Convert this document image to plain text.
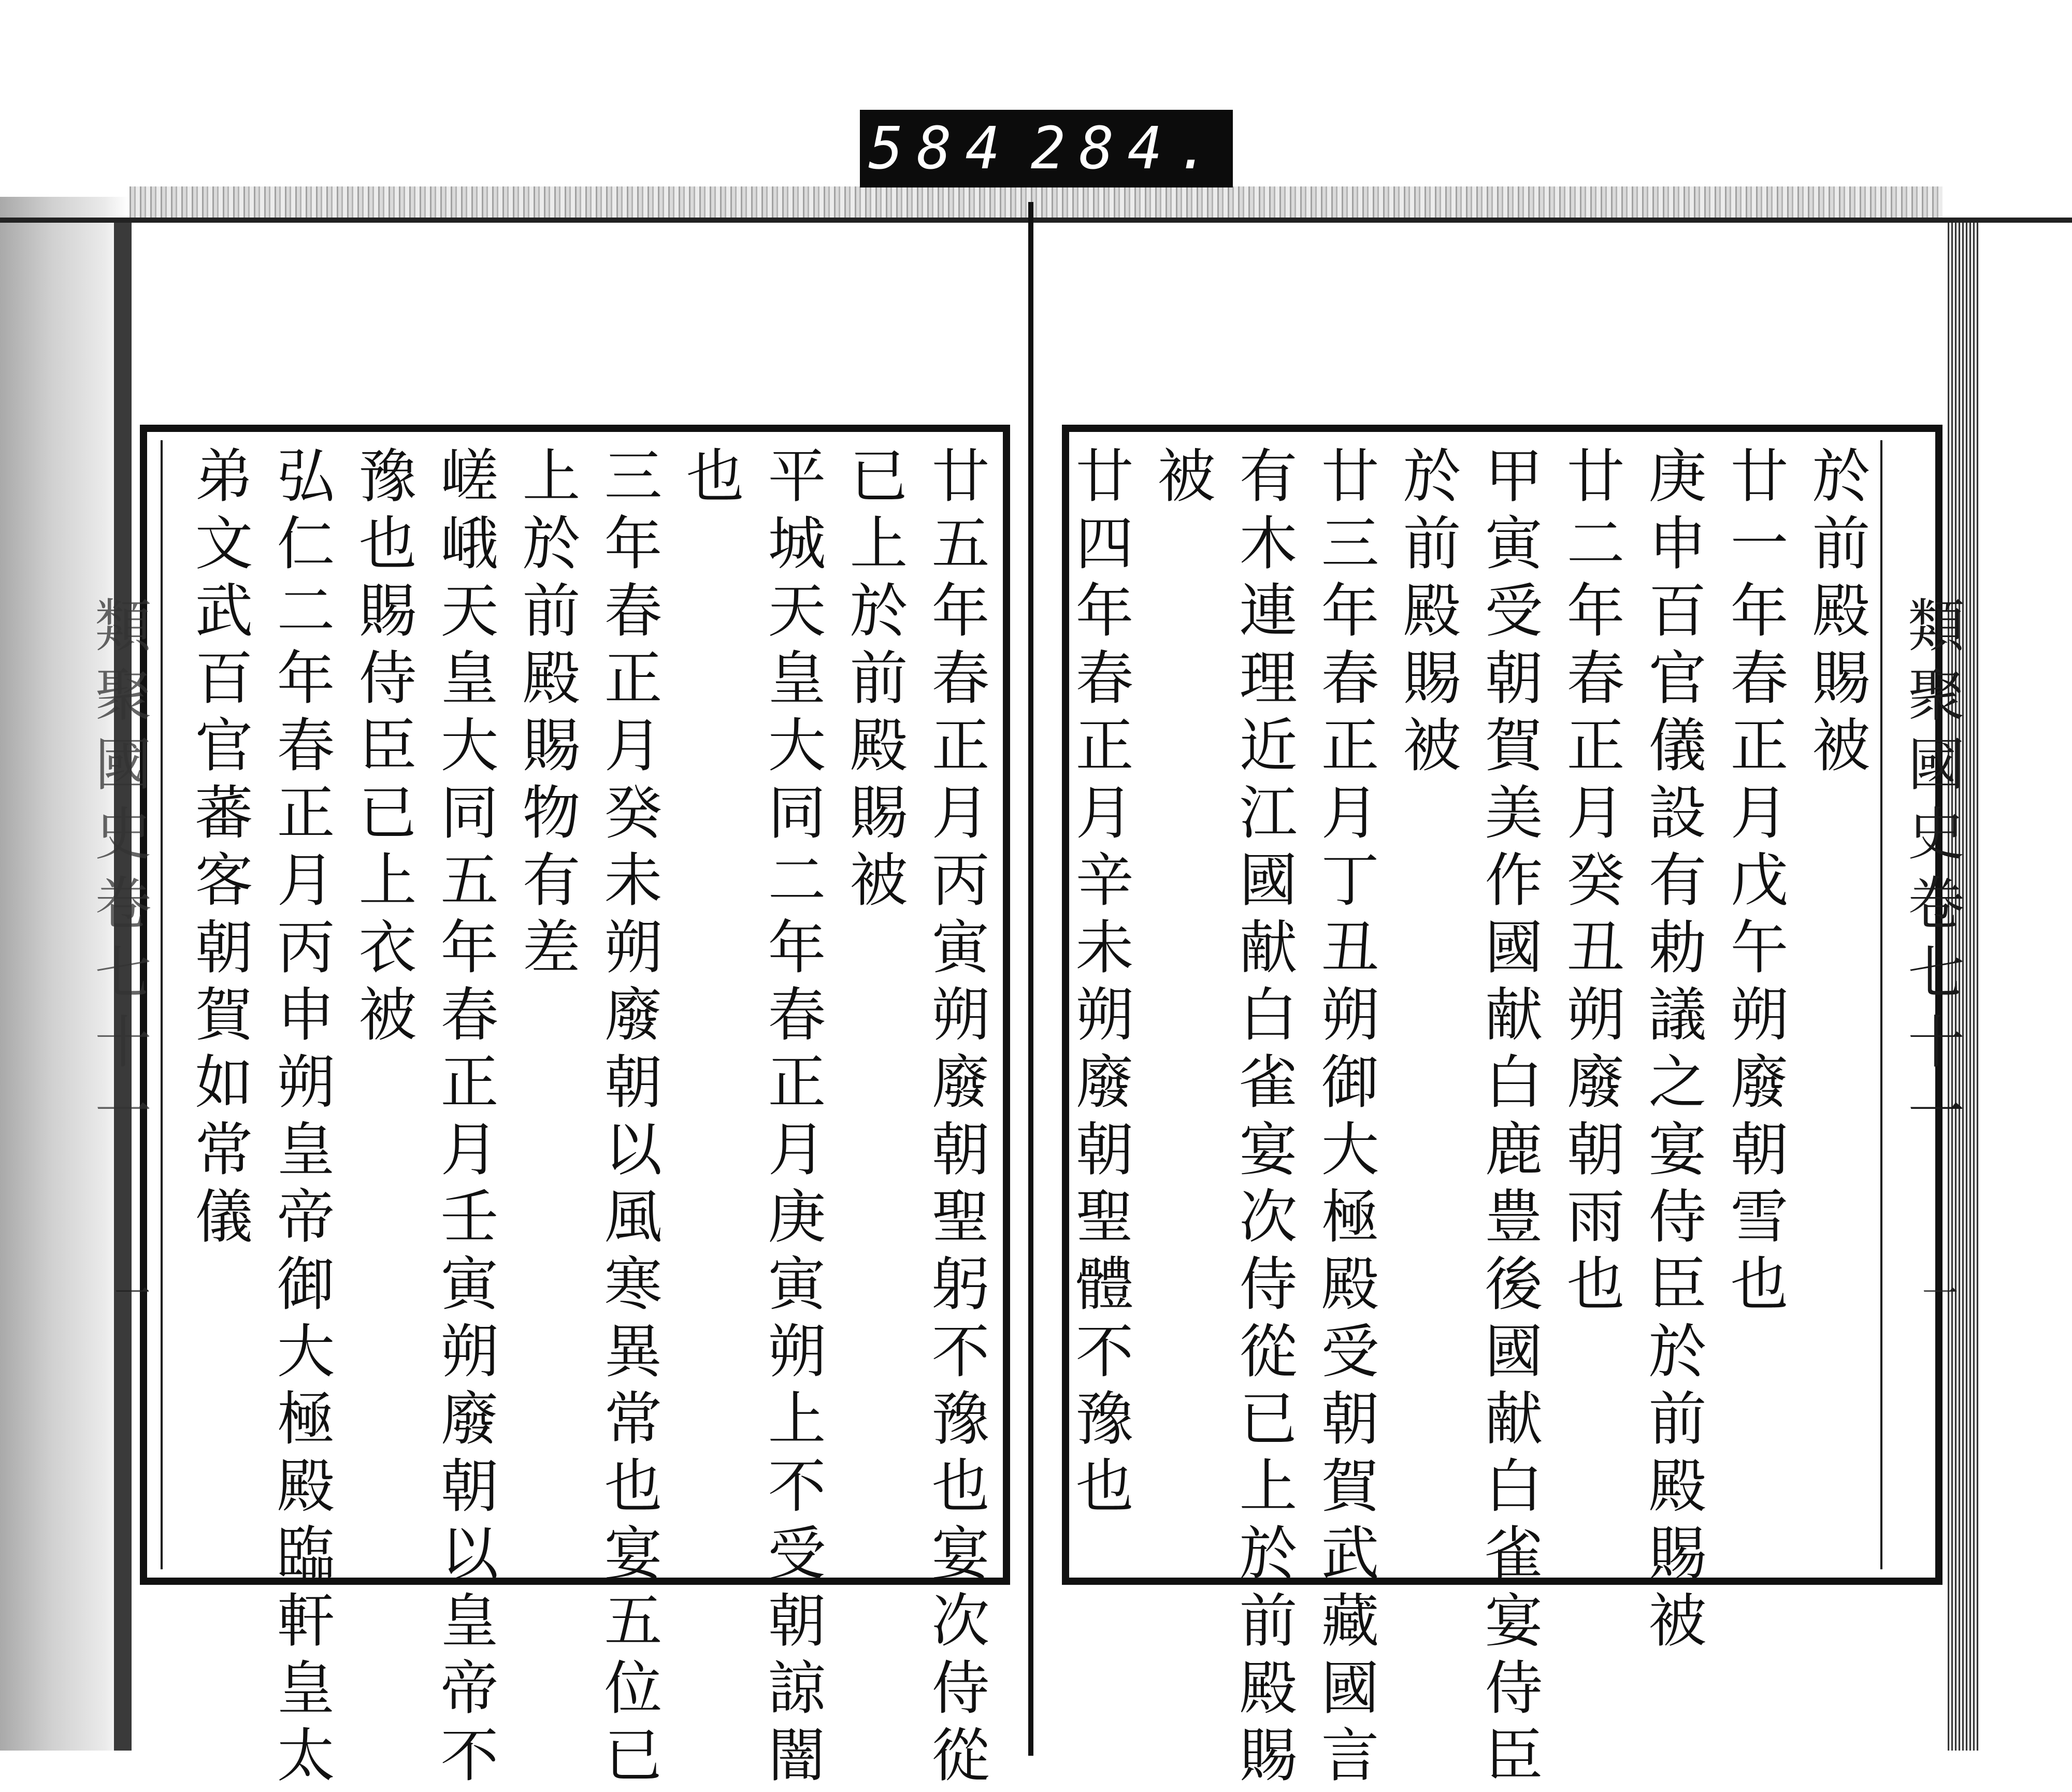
584 284.
類聚國史卷七十一
類聚國史卷七十一
一
一
於前殿賜被
廿一年春正月戊午朔廢朝雪也
庚申百官儀設有勅議之宴侍臣於前殿賜被
廿二年春正月癸丑朔廢朝雨也
甲寅受朝賀美作國献白鹿豊後國献白雀宴侍臣
於前殿賜被
廿三年春正月丁丑朔御大極殿受朝賀武藏國言
有木連理近江國献白雀宴次侍從已上於前殿賜
被
廿四年春正月辛未朔廢朝聖體不豫也
廿五年春正月丙寅朔廢朝聖躬不豫也宴次侍從
已上於前殿賜被
平城天皇大同二年春正月庚寅朔上不受朝諒闇
也
三年春正月癸未朔廢朝以風寒異常也宴五位已
上於前殿賜物有差
嵯峨天皇大同五年春正月壬寅朔廢朝以皇帝不
豫也賜侍臣已上衣被
弘仁二年春正月丙申朔皇帝御大極殿臨軒皇太
弟文武百官蕃客朝賀如常儀
